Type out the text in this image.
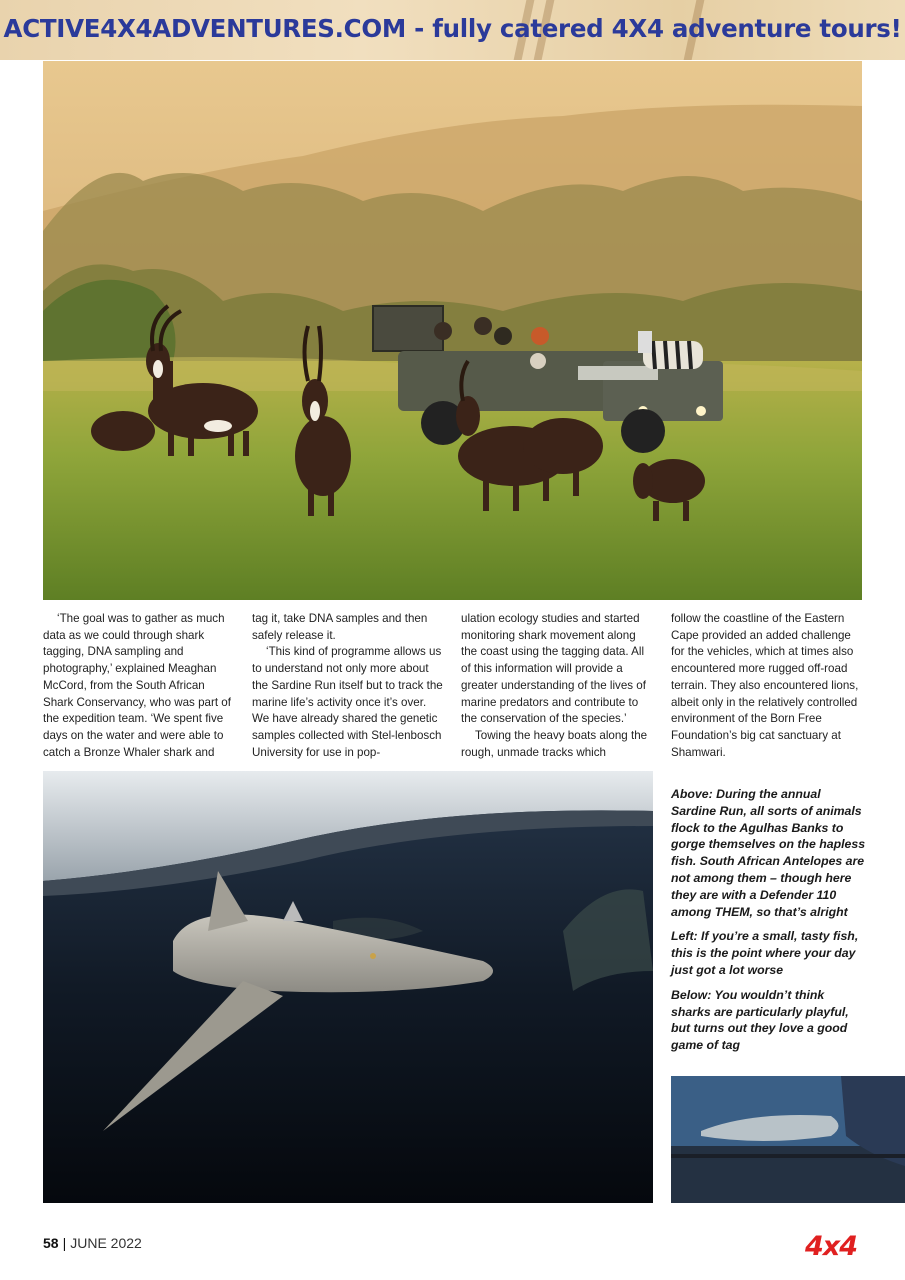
ACTIVE4X4ADVENTURES.COM - fully catered 4X4 adventure tours!

‘The goal was to gather as much data as we could through shark tagging, DNA sampling and photography,’ explained Meaghan McCord, from the South African Shark Conservancy, who was part of the expedition team. ‘We spent five days on the water and were able to catch a Bronze Whaler shark and

tag it, take DNA samples and then safely release it.

‘This kind of programme allows us to understand not only more about the Sardine Run itself but to track the marine life’s activity once it’s over. We have already shared the genetic samples collected with Stel-lenbosch University for use in pop-

ulation ecology studies and started monitoring shark movement along the coast using the tagging data. All of this information will provide a greater understanding of the lives of marine predators and contribute to the conservation of the species.’

Towing the heavy boats along the rough, unmade tracks which

follow the coastline of the Eastern Cape provided an added challenge for the vehicles, which at times also encountered more rugged off-road terrain. They also encountered lions, albeit only in the relatively controlled environment of the Born Free Foundation’s big cat sanctuary at Shamwari.

Above: During the annual Sardine Run, all sorts of animals flock to the Agulhas Banks to gorge themselves on the hapless fish. South African Antelopes are not among them – though here they are with a Defender 110 among THEM, so that’s alright

Left: If you’re a small, tasty fish, this is the point where your day just got a lot worse

Below: You wouldn’t think sharks are particularly playful, but turns out they love a good game of tag

58 | JUNE 2022	4x4
